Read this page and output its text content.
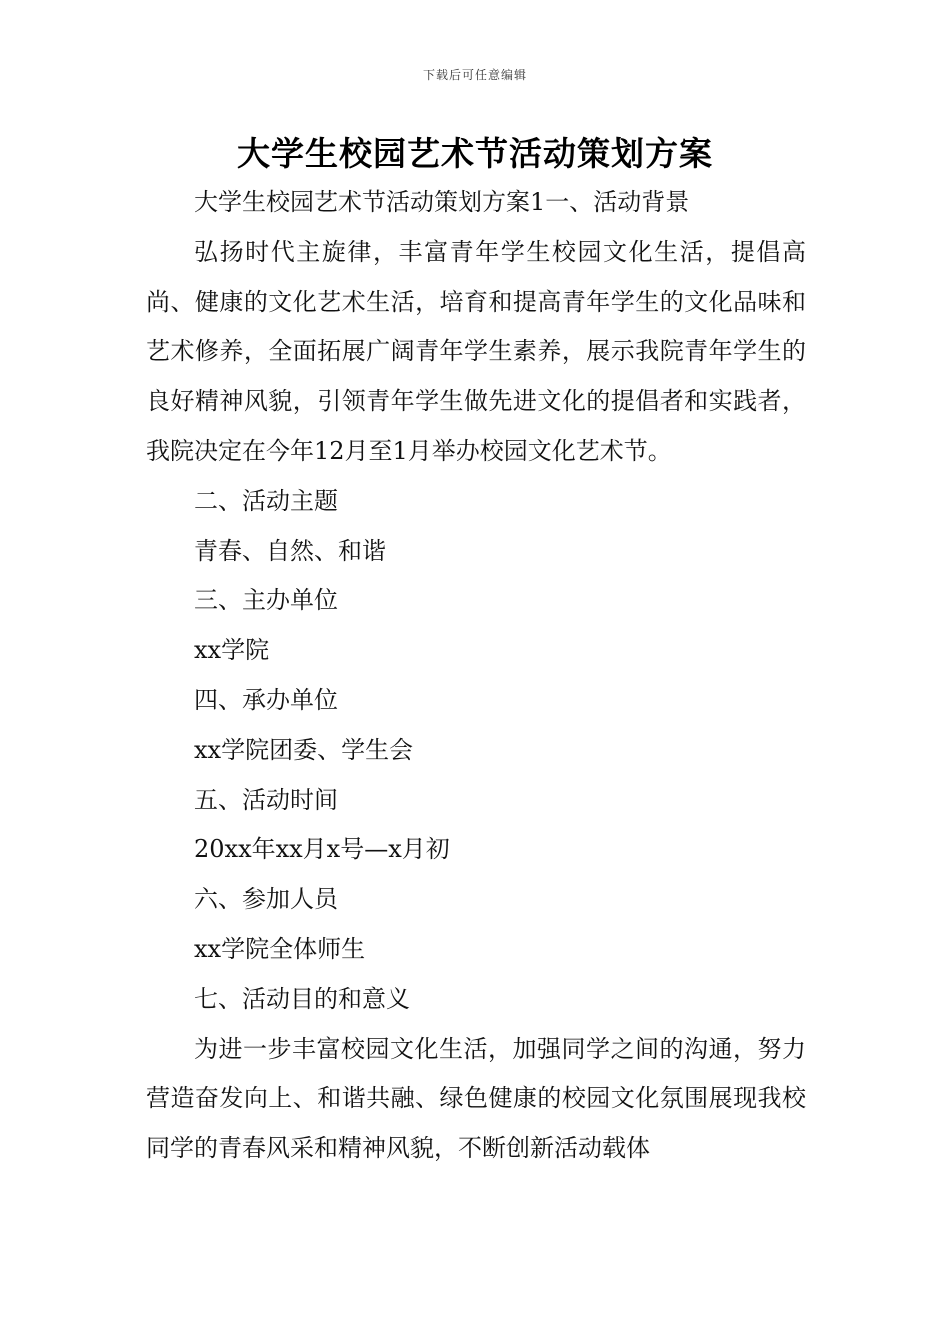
下载后可任意编辑
大学生校园艺术节活动策划方案

大学生校园艺术节活动策划方案1一、活动背景

弘扬时代主旋律，丰富青年学生校园文化生活，提倡高尚、健康的文化艺术生活，培育和提高青年学生的文化品味和艺术修养，全面拓展广阔青年学生素养，展示我院青年学生的良好精神风貌，引领青年学生做先进文化的提倡者和实践者，我院决定在今年12月至1月举办校园文化艺术节。

二、活动主题

青春、自然、和谐

三、主办单位

xx学院

四、承办单位

xx学院团委、学生会

五、活动时间

20xx年xx月x号—x月初

六、参加人员

xx学院全体师生

七、活动目的和意义

为进一步丰富校园文化生活，加强同学之间的沟通，努力营造奋发向上、和谐共融、绿色健康的校园文化氛围展现我校同学的青春风采和精神风貌，不断创新活动载体
